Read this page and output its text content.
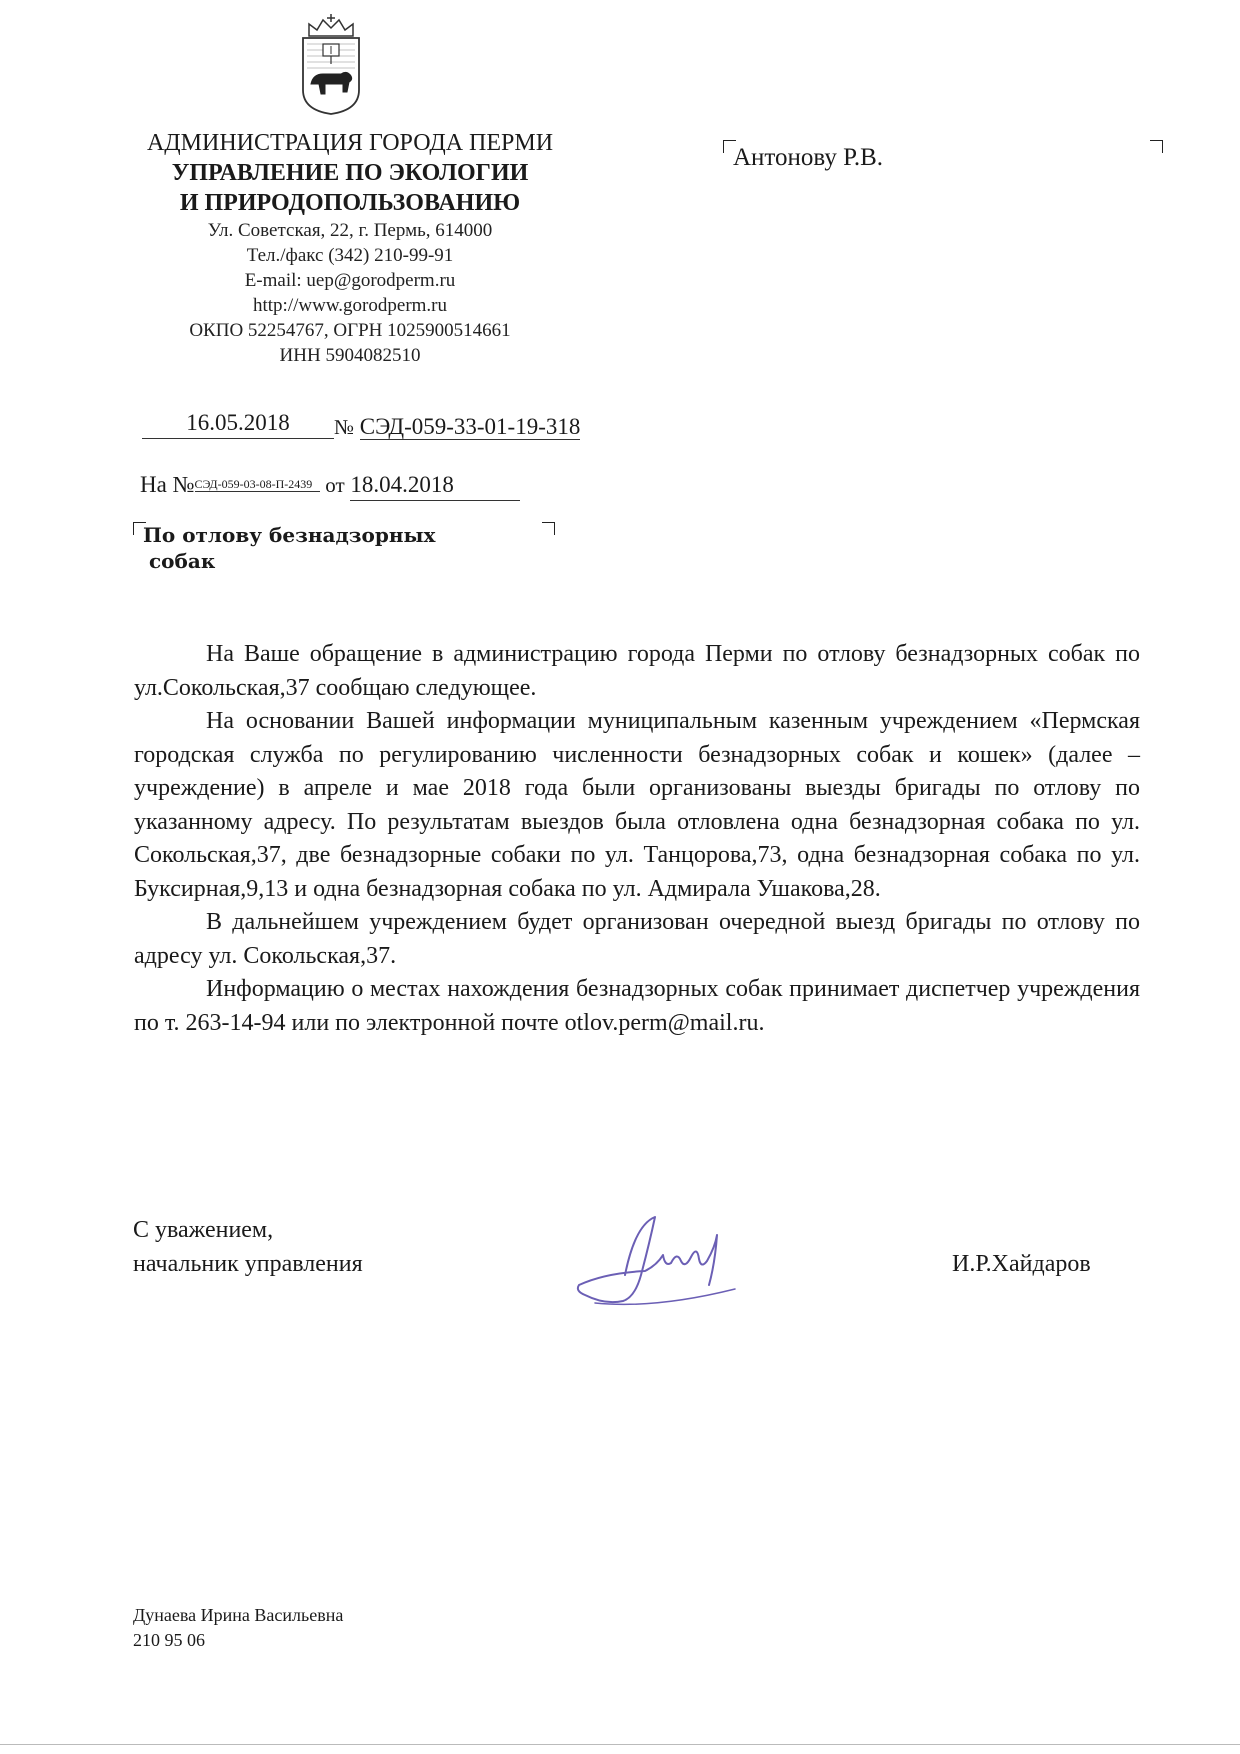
АДМИНИСТРАЦИЯ ГОРОДА ПЕРМИ
УПРАВЛЕНИЕ ПО ЭКОЛОГИИ
И ПРИРОДОПОЛЬЗОВАНИЮ
Ул. Советская, 22, г. Пермь, 614000
Тел./факс (342) 210-99-91
E-mail: uep@gorodperm.ru
http://www.gorodperm.ru
ОКПО 52254767, ОГРН 1025900514661
ИНН 5904082510
Антонову Р.В.
16.05.2018	№ СЭД-059-33-01-19-318
На №СЭД-059-03-08-П-2439 от 18.04.2018
По отлову безнадзорных
собак

На Ваше обращение в администрацию города Перми по отлову безнадзорных собак по ул.Сокольская,37 сообщаю следующее.

На основании Вашей информации муниципальным казенным учреждением «Пермская городская служба по регулированию численности безнадзорных собак и кошек» (далее – учреждение) в апреле и мае 2018 года были организованы выезды бригады по отлову по указанному адресу. По результатам выездов была отловлена одна безнадзорная собака по ул. Сокольская,37, две безнадзорные собаки по ул. Танцорова,73, одна безнадзорная собака по ул. Буксирная,9,13 и одна безнадзорная собака по ул. Адмирала Ушакова,28.

В дальнейшем учреждением будет организован очередной выезд бригады по отлову по адресу ул. Сокольская,37.

Информацию о местах нахождения безнадзорных собак принимает диспетчер учреждения по т. 263-14-94 или по электронной почте otlov.perm@mail.ru.

С уважением,
начальник управления	И.Р.Хайдаров
Дунаева Ирина Васильевна
210 95 06
